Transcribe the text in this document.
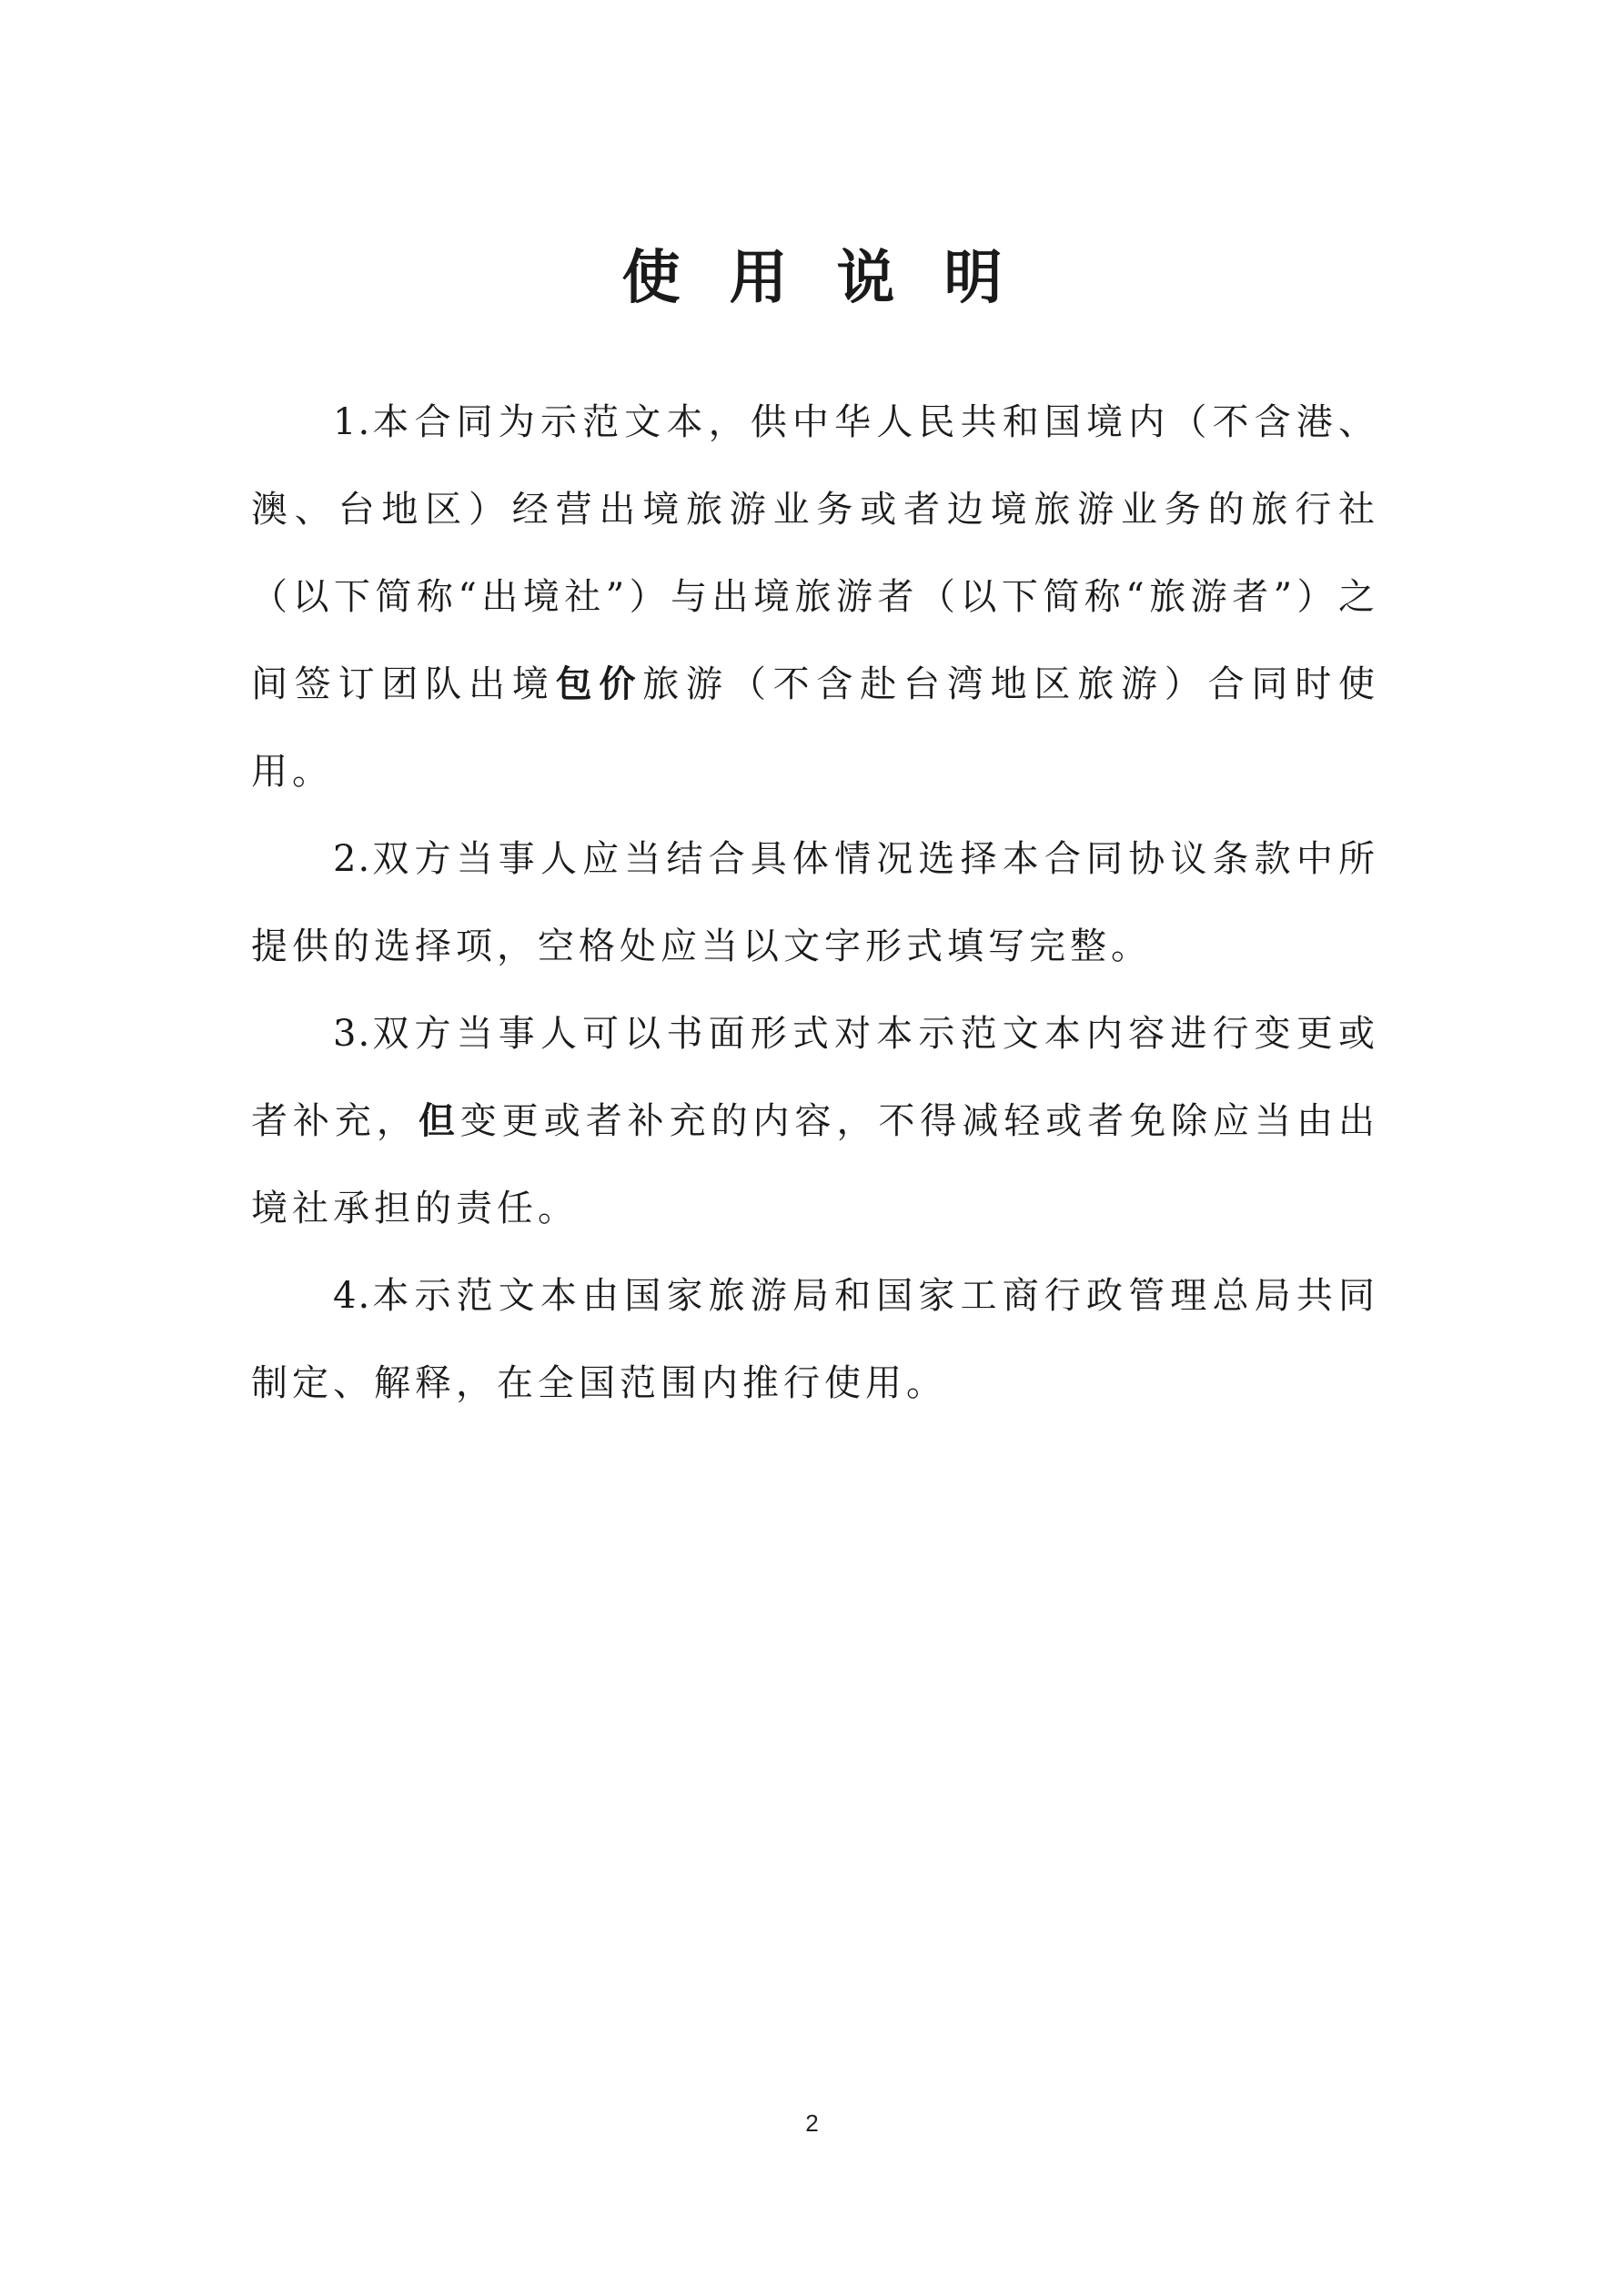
使用说明

1.本合同为示范文本，供中华人民共和国境内（不含港、澳、台地区）经营出境旅游业务或者边境旅游业务的旅行社（以下简称“出境社”）与出境旅游者（以下简称“旅游者”）之间签订团队出境包价旅游（不含赴台湾地区旅游）合同时使用。

2.双方当事人应当结合具体情况选择本合同协议条款中所提供的选择项，空格处应当以文字形式填写完整。

3.双方当事人可以书面形式对本示范文本内容进行变更或者补充，但变更或者补充的内容，不得减轻或者免除应当由出境社承担的责任。

4.本示范文本由国家旅游局和国家工商行政管理总局共同制定、解释，在全国范围内推行使用。

2
